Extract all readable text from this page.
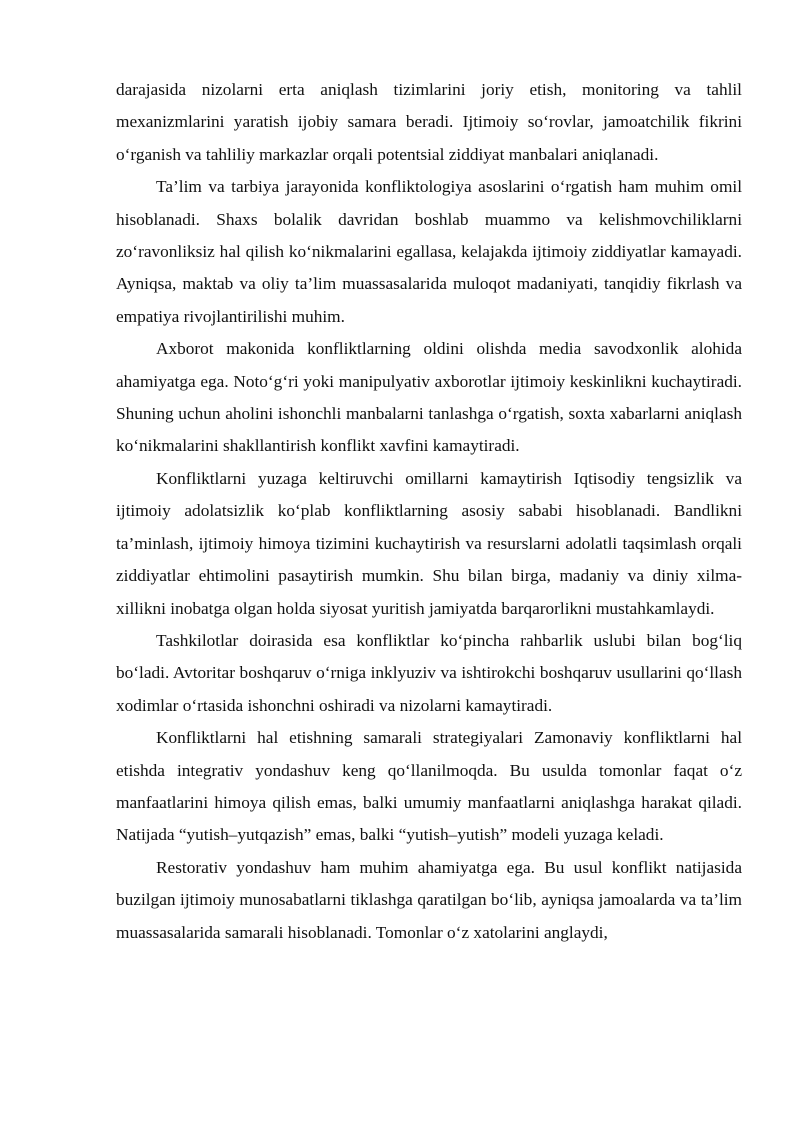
darajasida nizolarni erta aniqlash tizimlarini joriy etish, monitoring va tahlil mexanizmlarini yaratish ijobiy samara beradi. Ijtimoiy so‘rovlar, jamoatchilik fikrini o‘rganish va tahliliy markazlar orqali potentsial ziddiyat manbalari aniqlanadi.

Ta’lim va tarbiya jarayonida konfliktologiya asoslarini o‘rgatish ham muhim omil hisoblanadi. Shaxs bolalik davridan boshlab muammo va kelishmovchiliklarni zo‘ravonliksiz hal qilish ko‘nikmalarini egallasa, kelajakda ijtimoiy ziddiyatlar kamayadi. Ayniqsa, maktab va oliy ta’lim muassasalarida muloqot madaniyati, tanqidiy fikrlash va empatiya rivojlantirilishi muhim.

Axborot makonida konfliktlarning oldini olishda media savodxonlik alohida ahamiyatga ega. Noto‘g‘ri yoki manipulyativ axborotlar ijtimoiy keskinlikni kuchaytiradi. Shuning uchun aholini ishonchli manbalarni tanlashga o‘rgatish, soxta xabarlarni aniqlash ko‘nikmalarini shakllantirish konflikt xavfini kamaytiradi.

Konfliktlarni yuzaga keltiruvchi omillarni kamaytirish Iqtisodiy tengsizlik va ijtimoiy adolatsizlik ko‘plab konfliktlarning asosiy sababi hisoblanadi. Bandlikni ta’minlash, ijtimoiy himoya tizimini kuchaytirish va resurslarni adolatli taqsimlash orqali ziddiyatlar ehtimolini pasaytirish mumkin. Shu bilan birga, madaniy va diniy xilma-xillikni inobatga olgan holda siyosat yuritish jamiyatda barqarorlikni mustahkamlaydi.

Tashkilotlar doirasida esa konfliktlar ko‘pincha rahbarlik uslubi bilan bog‘liq bo‘ladi. Avtoritar boshqaruv o‘rniga inklyuziv va ishtirokchi boshqaruv usullarini qo‘llash xodimlar o‘rtasida ishonchni oshiradi va nizolarni kamaytiradi.

Konfliktlarni hal etishning samarali strategiyalari Zamonaviy konfliktlarni hal etishda integrativ yondashuv keng qo‘llanilmoqda. Bu usulda tomonlar faqat o‘z manfaatlarini himoya qilish emas, balki umumiy manfaatlarni aniqlashga harakat qiladi. Natijada “yutish–yutqazish” emas, balki “yutish–yutish” modeli yuzaga keladi.

Restorativ yondashuv ham muhim ahamiyatga ega. Bu usul konflikt natijasida buzilgan ijtimoiy munosabatlarni tiklashga qaratilgan bo‘lib, ayniqsa jamoalarda va ta’lim muassasalarida samarali hisoblanadi. Tomonlar o‘z xatolarini anglaydi,
